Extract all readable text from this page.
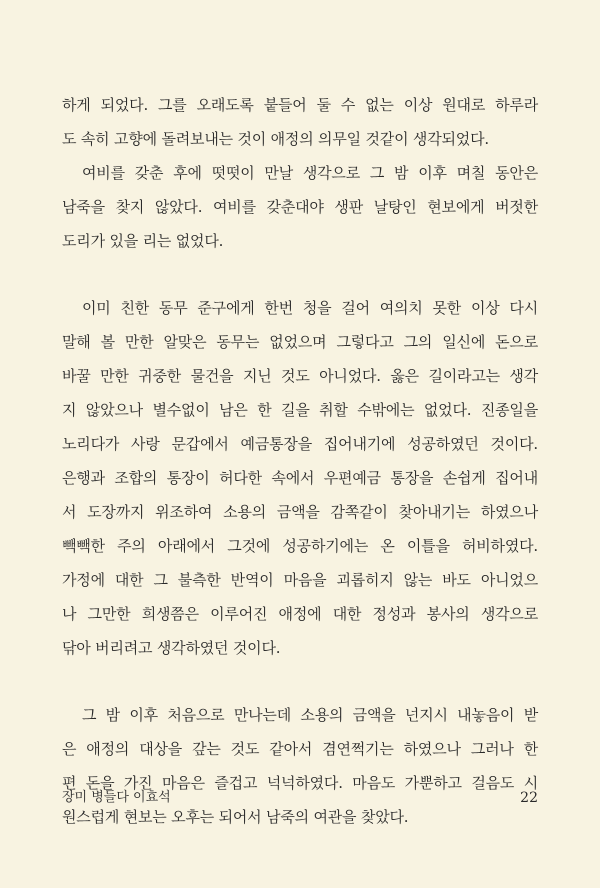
하게 되었다. 그를 오래도록 붙들어 둘 수 없는 이상 원대로 하루라
도 속히 고향에 돌려보내는 것이 애정의 의무일 것같이 생각되었다.
여비를 갖춘 후에 떳떳이 만날 생각으로 그 밤 이후 며칠 동안은
남죽을 찾지 않았다. 여비를 갖춘대야 생판 날탕인 현보에게 버젓한
도리가 있을 리는 없었다.
이미 친한 동무 준구에게 한번 청을 걸어 여의치 못한 이상 다시
말해 볼 만한 알맞은 동무는 없었으며 그렇다고 그의 일신에 돈으로
바꿀 만한 귀중한 물건을 지닌 것도 아니었다. 옳은 길이라고는 생각
지 않았으나 별수없이 남은 한 길을 취할 수밖에는 없었다. 진종일을
노리다가 사랑 문갑에서 예금통장을 집어내기에 성공하였던 것이다.
은행과 조합의 통장이 허다한 속에서 우편예금 통장을 손쉽게 집어내
서 도장까지 위조하여 소용의 금액을 감쪽같이 찾아내기는 하였으나
빽빽한 주의 아래에서 그것에 성공하기에는 온 이틀을 허비하였다.
가정에 대한 그 불측한 반역이 마음을 괴롭히지 않는 바도 아니었으
나 그만한 희생쯤은 이루어진 애정에 대한 정성과 봉사의 생각으로
닦아 버리려고 생각하였던 것이다.
그 밤 이후 처음으로 만나는데 소용의 금액을 넌지시 내놓음이 받
은 애정의 대상을 갚는 것도 같아서 겸연쩍기는 하였으나 그러나 한
편 돈을 가진 마음은 즐겁고 넉넉하였다. 마음도 가뿐하고 걸음도 시
원스럽게 현보는 오후는 되어서 남죽의 여관을 찾았다.
장미 병들다 이효석	22
